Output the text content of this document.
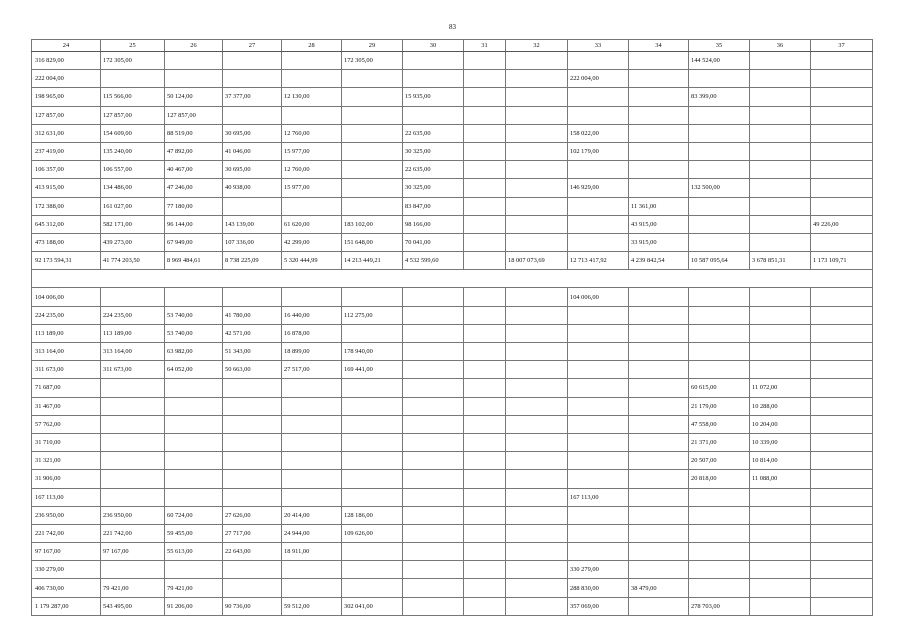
83
24	25	26	27	28	29	30	31	32	33	34	35	36	37
316 829,00	172 305,00				172 305,00						144 524,00		
222 004,00									222 004,00				
198 965,00	115 566,00	50 124,00	37 377,00	12 130,00		15 935,00					83 399,00		
127 857,00	127 857,00	127 857,00											
312 631,00	154 609,00	88 519,00	30 695,00	12 760,00		22 635,00			158 022,00				
237 419,00	135 240,00	47 892,00	41 046,00	15 977,00		30 325,00			102 179,00				
106 357,00	106 557,00	40 467,00	30 695,00	12 760,00		22 635,00							
413 915,00	134 486,00	47 246,00	40 938,00	15 977,00		30 325,00			146 929,00		132 500,00		
172 388,00	161 027,00	77 180,00				83 847,00				11 361,00			
645 312,00	582 171,00	96 144,00	143 139,00	61 620,00	183 102,00	98 166,00				43 915,00			49 226,00
473 188,00	439 273,00	67 949,00	107 336,00	42 299,00	151 648,00	70 041,00				33 915,00			
92 173 594,31	41 774 203,50	8 969 484,61	8 738 225,09	5 320 444,99	14 213 449,21	4 532 599,60		18 007 073,69	12 713 417,92	4 239 842,54	10 587 095,64	3 678 851,31	1 173 109,71

104 006,00									104 006,00				
224 235,00	224 235,00	53 740,00	41 780,00	16 440,00	112 275,00								
113 189,00	113 189,00	53 740,00	42 571,00	16 878,00									
313 164,00	313 164,00	63 982,00	51 343,00	18 899,00	178 940,00								
311 673,00	311 673,00	64 052,00	50 663,00	27 517,00	169 441,00								
71 687,00											60 615,00	11 072,00	
31 467,00											21 179,00	10 288,00	
57 762,00											47 558,00	10 204,00	
31 710,00											21 371,00	10 339,00	
31 321,00											20 507,00	10 814,00	
31 906,00											20 818,00	11 088,00	
167 113,00									167 113,00				
236 950,00	236 950,00	60 724,00	27 626,00	20 414,00	128 186,00								
221 742,00	221 742,00	59 455,00	27 717,00	24 944,00	109 626,00								
97 167,00	97 167,00	55 613,00	22 643,00	18 911,00									
330 279,00									330 279,00				
406 730,00	79 421,00	79 421,00							288 830,00	38 479,00			
1 179 287,00	543 495,00	91 206,00	90 736,00	59 512,00	302 041,00				357 069,00		278 703,00		
